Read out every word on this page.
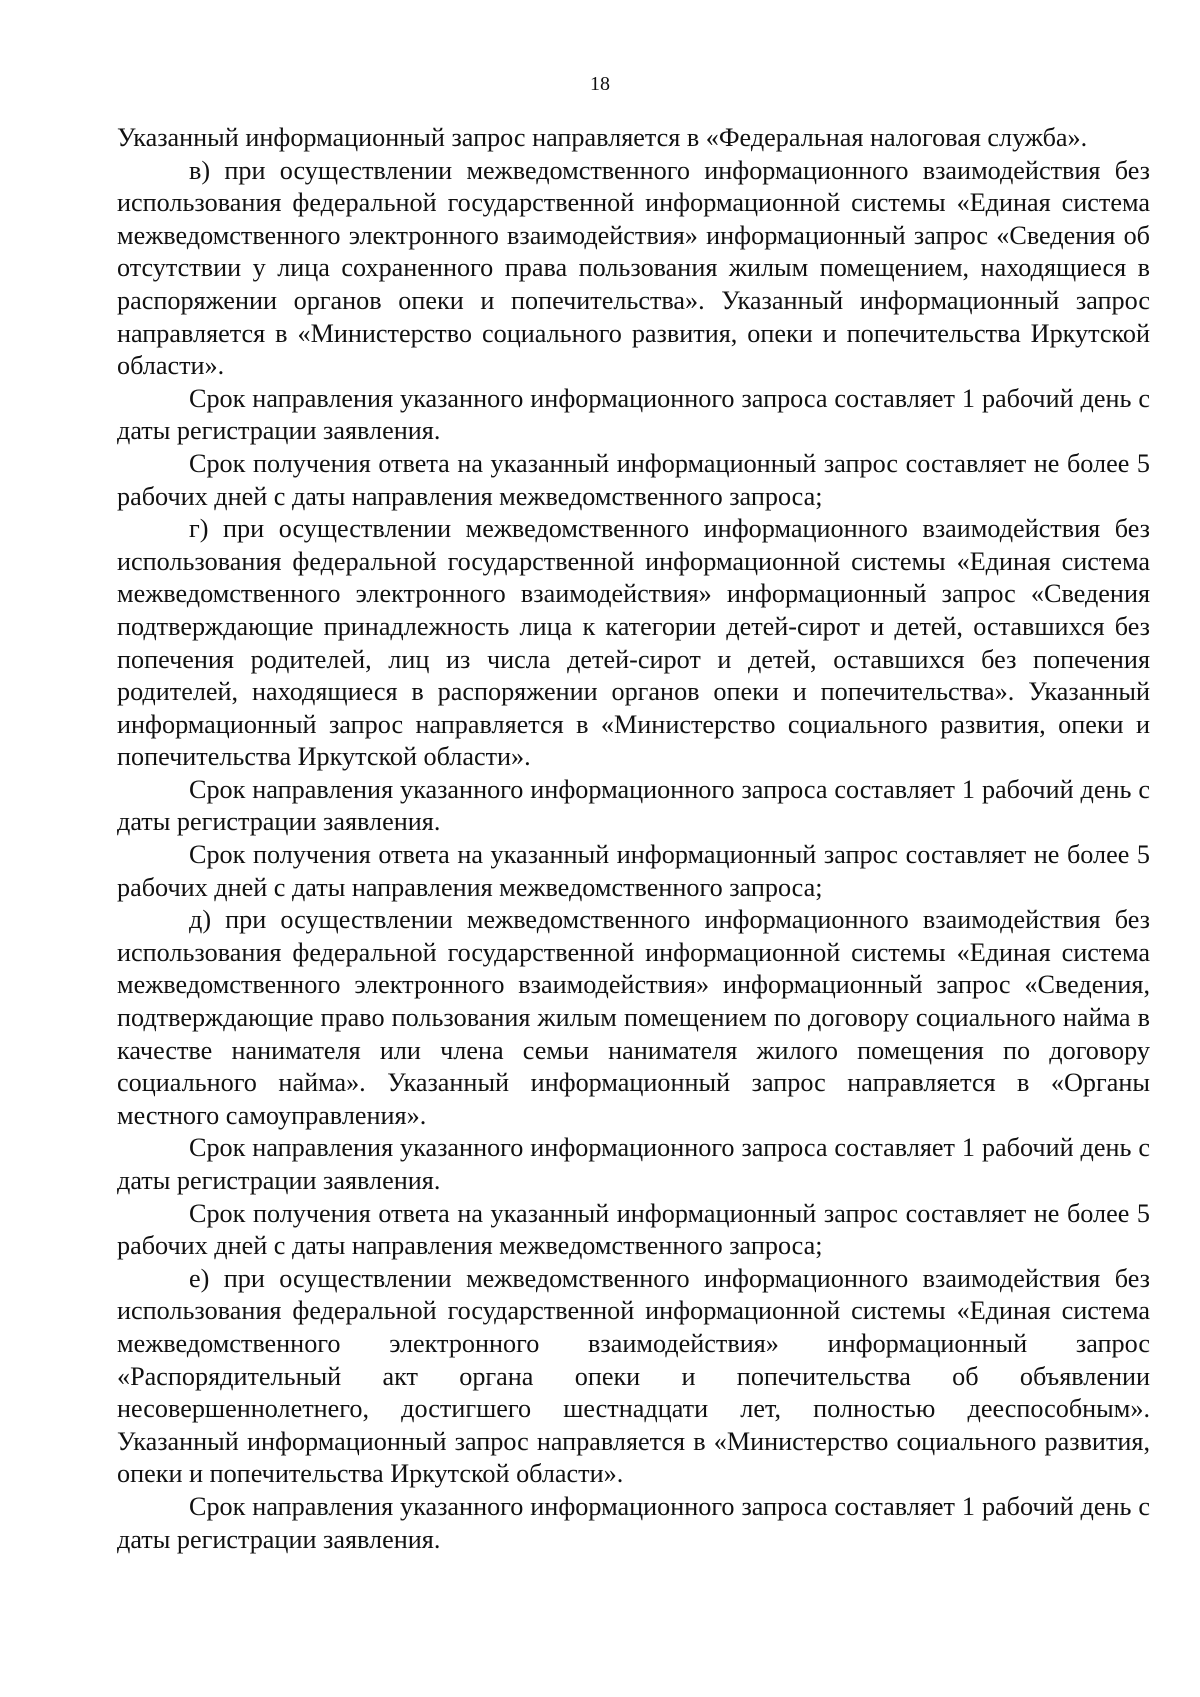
18

Указанный информационный запрос направляется в «Федеральная налоговая служба».

в) при осуществлении межведомственного информационного взаимодействия без использования федеральной государственной информационной системы «Единая система межведомственного электронного взаимодействия» информационный запрос «Сведения об отсутствии у лица сохраненного права пользования жилым помещением, находящиеся в распоряжении органов опеки и попечительства». Указанный информационный запрос направляется в «Министерство социального развития, опеки и попечительства Иркутской области».

Срок направления указанного информационного запроса составляет 1 рабочий день с даты регистрации заявления.

Срок получения ответа на указанный информационный запрос составляет не более 5 рабочих дней с даты направления межведомственного запроса;

г) при осуществлении межведомственного информационного взаимодействия без использования федеральной государственной информационной системы «Единая система межведомственного электронного взаимодействия» информационный запрос «Сведения подтверждающие принадлежность лица к категории детей-сирот и детей, оставшихся без попечения родителей, лиц из числа детей-сирот и детей, оставшихся без попечения родителей, находящиеся в распоряжении органов опеки и попечительства». Указанный информационный запрос направляется в «Министерство социального развития, опеки и попечительства Иркутской области».

Срок направления указанного информационного запроса составляет 1 рабочий день с даты регистрации заявления.

Срок получения ответа на указанный информационный запрос составляет не более 5 рабочих дней с даты направления межведомственного запроса;

д) при осуществлении межведомственного информационного взаимодействия без использования федеральной государственной информационной системы «Единая система межведомственного электронного взаимодействия» информационный запрос «Сведения, подтверждающие право пользования жилым помещением по договору социального найма в качестве нанимателя или члена семьи нанимателя жилого помещения по договору социального найма». Указанный информационный запрос направляется в «Органы местного самоуправления».

Срок направления указанного информационного запроса составляет 1 рабочий день с даты регистрации заявления.

Срок получения ответа на указанный информационный запрос составляет не более 5 рабочих дней с даты направления межведомственного запроса;

е) при осуществлении межведомственного информационного взаимодействия без использования федеральной государственной информационной системы «Единая система межведомственного электронного взаимодействия» информационный запрос «Распорядительный акт органа опеки и попечительства об объявлении несовершеннолетнего, достигшего шестнадцати лет, полностью дееспособным». Указанный информационный запрос направляется в «Министерство социального развития, опеки и попечительства Иркутской области».

Срок направления указанного информационного запроса составляет 1 рабочий день с даты регистрации заявления.
